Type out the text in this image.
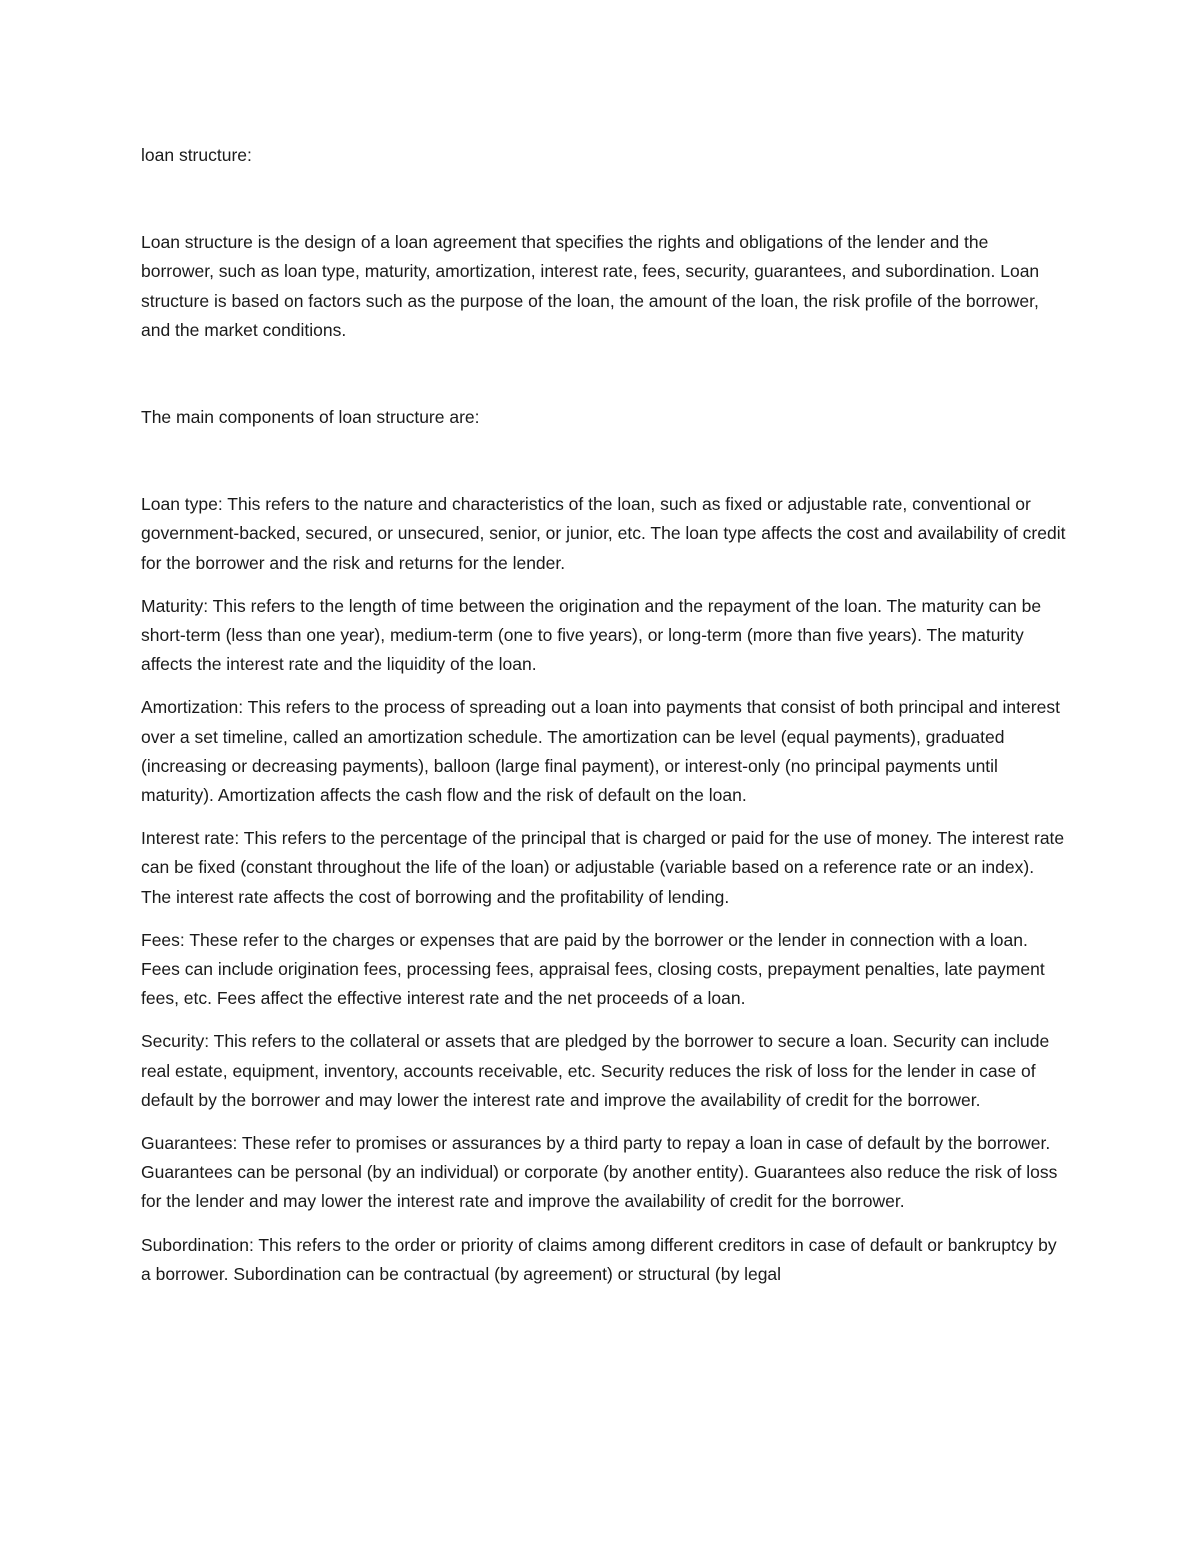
loan structure:

Loan structure is the design of a loan agreement that specifies the rights and obligations of the lender and the borrower, such as loan type, maturity, amortization, interest rate, fees, security, guarantees, and subordination. Loan structure is based on factors such as the purpose of the loan, the amount of the loan, the risk profile of the borrower, and the market conditions.

The main components of loan structure are:

Loan type: This refers to the nature and characteristics of the loan, such as fixed or adjustable rate, conventional or government-backed, secured, or unsecured, senior, or junior, etc. The loan type affects the cost and availability of credit for the borrower and the risk and returns for the lender.

Maturity: This refers to the length of time between the origination and the repayment of the loan. The maturity can be short-term (less than one year), medium-term (one to five years), or long-term (more than five years). The maturity affects the interest rate and the liquidity of the loan.

Amortization: This refers to the process of spreading out a loan into payments that consist of both principal and interest over a set timeline, called an amortization schedule. The amortization can be level (equal payments), graduated (increasing or decreasing payments), balloon (large final payment), or interest-only (no principal payments until maturity). Amortization affects the cash flow and the risk of default on the loan.

Interest rate: This refers to the percentage of the principal that is charged or paid for the use of money. The interest rate can be fixed (constant throughout the life of the loan) or adjustable (variable based on a reference rate or an index). The interest rate affects the cost of borrowing and the profitability of lending.

Fees: These refer to the charges or expenses that are paid by the borrower or the lender in connection with a loan. Fees can include origination fees, processing fees, appraisal fees, closing costs, prepayment penalties, late payment fees, etc. Fees affect the effective interest rate and the net proceeds of a loan.

Security: This refers to the collateral or assets that are pledged by the borrower to secure a loan. Security can include real estate, equipment, inventory, accounts receivable, etc. Security reduces the risk of loss for the lender in case of default by the borrower and may lower the interest rate and improve the availability of credit for the borrower.

Guarantees: These refer to promises or assurances by a third party to repay a loan in case of default by the borrower. Guarantees can be personal (by an individual) or corporate (by another entity). Guarantees also reduce the risk of loss for the lender and may lower the interest rate and improve the availability of credit for the borrower.

Subordination: This refers to the order or priority of claims among different creditors in case of default or bankruptcy by a borrower. Subordination can be contractual (by agreement) or structural (by legal
